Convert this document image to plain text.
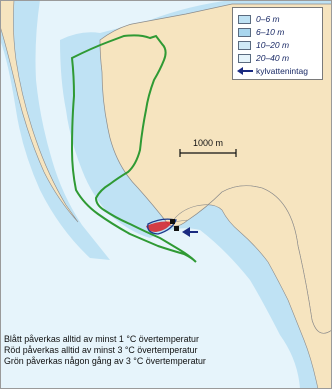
0–6 m
6–10 m
10–20 m
20–40 m
kylvattenintag
1000 m
Blått påverkas alltid av minst 1 °C övertemperatur
Röd påverkas alltid av minst 3 °C övertemperatur
Grön påverkas någon gång av 3 °C övertemperatur
